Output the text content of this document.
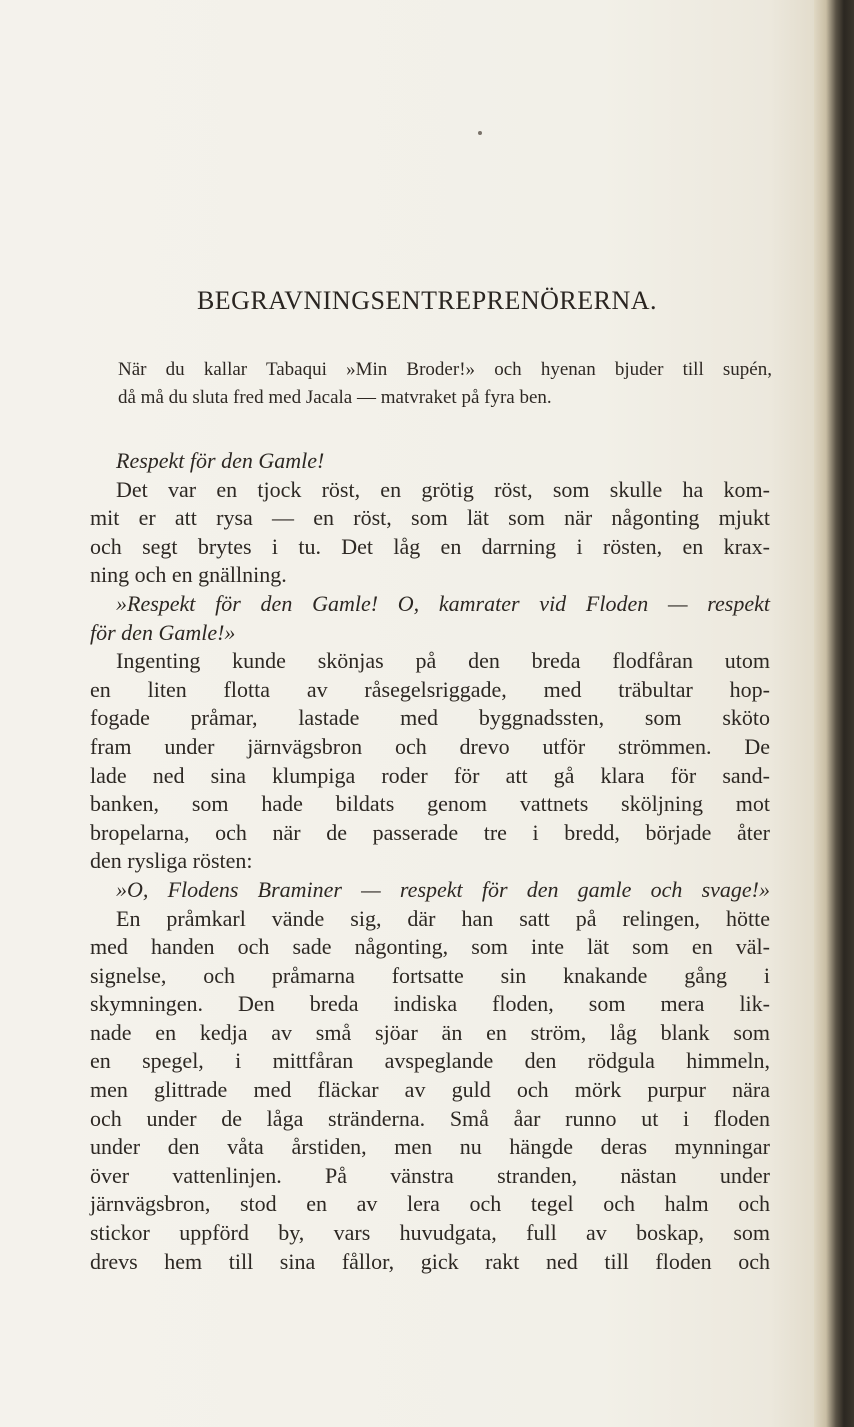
BEGRAVNINGSENTREPRENÖRERNA.
När du kallar Tabaqui »Min Broder!» och hyenan bjuder till supén,
då må du sluta fred med Jacala — matvraket på fyra ben.
Respekt för den Gamle!
Det var en tjock röst, en grötig röst, som skulle ha kom-
mit er att rysa — en röst, som lät som när någonting mjukt
och segt brytes i tu. Det låg en darrning i rösten, en krax-
ning och en gnällning.
»Respekt för den Gamle! O, kamrater vid Floden — respekt
för den Gamle!»
Ingenting kunde skönjas på den breda flodfåran utom
en liten flotta av råsegelsriggade, med träbultar hop-
fogade pråmar, lastade med byggnadssten, som sköto
fram under järnvägsbron och drevo utför strömmen. De
lade ned sina klumpiga roder för att gå klara för sand-
banken, som hade bildats genom vattnets sköljning mot
bropelarna, och när de passerade tre i bredd, började åter
den rysliga rösten:
»O, Flodens Braminer — respekt för den gamle och svage!»
En pråmkarl vände sig, där han satt på relingen, hötte
med handen och sade någonting, som inte lät som en väl-
signelse, och pråmarna fortsatte sin knakande gång i
skymningen. Den breda indiska floden, som mera lik-
nade en kedja av små sjöar än en ström, låg blank som
en spegel, i mittfåran avspeglande den rödgula himmeln,
men glittrade med fläckar av guld och mörk purpur nära
och under de låga stränderna. Små åar runno ut i floden
under den våta årstiden, men nu hängde deras mynningar
över vattenlinjen. På vänstra stranden, nästan under
järnvägsbron, stod en av lera och tegel och halm och
stickor uppförd by, vars huvudgata, full av boskap, som
drevs hem till sina fållor, gick rakt ned till floden och
